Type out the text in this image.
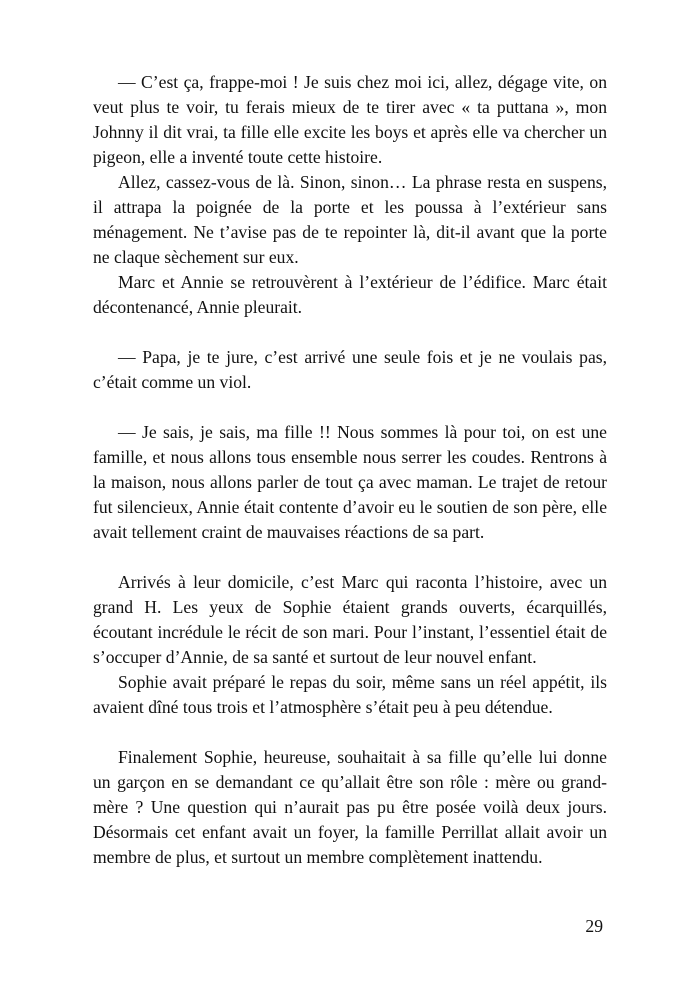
— C’est ça, frappe-moi ! Je suis chez moi ici, allez, dégage vite, on veut plus te voir, tu ferais mieux de te tirer avec « ta puttana », mon Johnny il dit vrai, ta fille elle excite les boys et après elle va chercher un pigeon, elle a inventé toute cette histoire.

Allez, cassez-vous de là. Sinon, sinon… La phrase resta en suspens, il attrapa la poignée de la porte et les poussa à l’extérieur sans ménagement. Ne t’avise pas de te repointer là, dit-il avant que la porte ne claque sèchement sur eux.

Marc et Annie se retrouvèrent à l’extérieur de l’édifice. Marc était décontenancé, Annie pleurait.

— Papa, je te jure, c’est arrivé une seule fois et je ne voulais pas, c’était comme un viol.

— Je sais, je sais, ma fille !! Nous sommes là pour toi, on est une famille, et nous allons tous ensemble nous serrer les coudes. Rentrons à la maison, nous allons parler de tout ça avec maman. Le trajet de retour fut silencieux, Annie était contente d’avoir eu le soutien de son père, elle avait tellement craint de mauvaises réactions de sa part.

Arrivés à leur domicile, c’est Marc qui raconta l’histoire, avec un grand H. Les yeux de Sophie étaient grands ouverts, écarquillés, écoutant incrédule le récit de son mari. Pour l’instant, l’essentiel était de s’occuper d’Annie, de sa santé et surtout de leur nouvel enfant.

Sophie avait préparé le repas du soir, même sans un réel appétit, ils avaient dîné tous trois et l’atmosphère s’était peu à peu détendue.

Finalement Sophie, heureuse, souhaitait à sa fille qu’elle lui donne un garçon en se demandant ce qu’allait être son rôle : mère ou grand-mère ? Une question qui n’aurait pas pu être posée voilà deux jours. Désormais cet enfant avait un foyer, la famille Perrillat allait avoir un membre de plus, et surtout un membre complètement inattendu.

29
